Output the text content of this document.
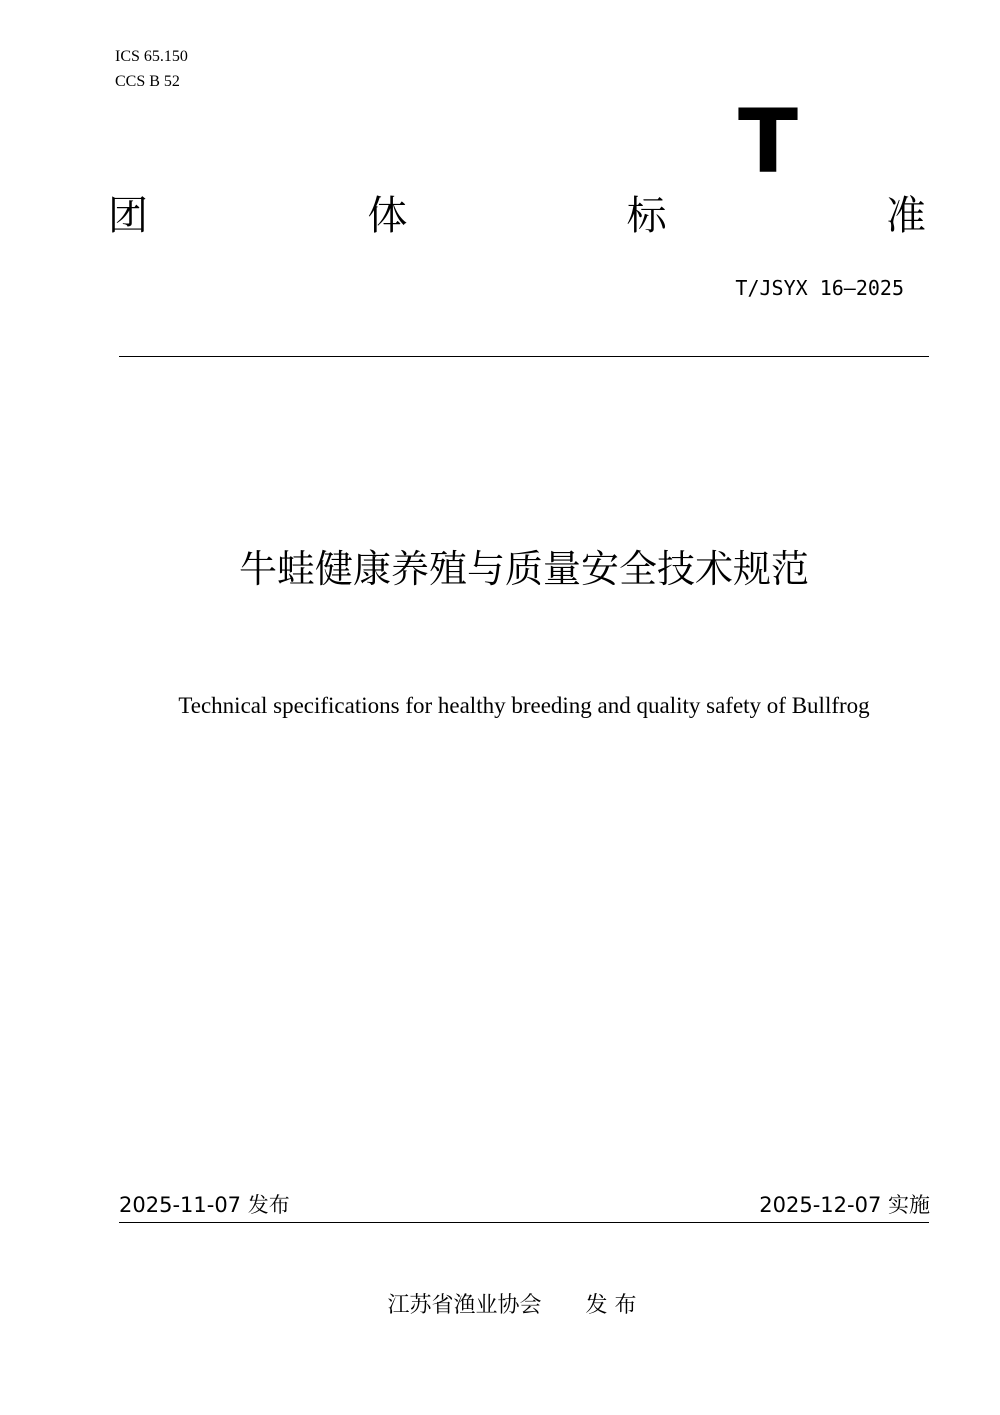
ICS 65.150
CCS B 52
T
团	体	标	准
T/JSYX 16—2025
牛蛙健康养殖与质量安全技术规范
Technical specifications for healthy breeding and quality safety of Bullfrog
2025-11-07 发布	2025-12-07 实施
江苏省渔业协会 发 布
